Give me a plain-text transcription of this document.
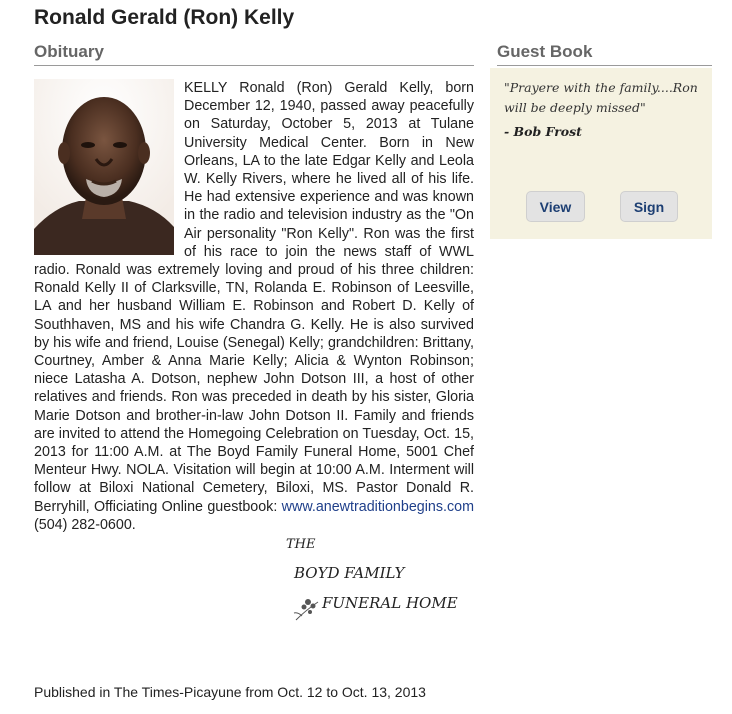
Ronald Gerald (Ron) Kelly
Obituary	Guest Book
KELLY Ronald (Ron) Gerald Kelly, born December 12, 1940, passed away peacefully on Saturday, October 5, 2013 at Tulane University Medical Center. Born in New Orleans, LA to the late Edgar Kelly and Leola W. Kelly Rivers, where he lived all of his life. He had extensive experience and was known in the radio and television industry as the "On Air personality "Ron Kelly". Ron was the first of his race to join the news staff of WWL radio. Ronald was extremely loving and proud of his three children: Ronald Kelly II of Clarksville, TN, Rolanda E. Robinson of Leesville, LA and her husband William E. Robinson and Robert D. Kelly of Southhaven, MS and his wife Chandra G. Kelly. He is also survived by his wife and friend, Louise (Senegal) Kelly; grandchildren: Brittany, Courtney, Amber & Anna Marie Kelly; Alicia & Wynton Robinson; niece Latasha A. Dotson, nephew John Dotson III, a host of other relatives and friends. Ron was preceded in death by his sister, Gloria Marie Dotson and brother-in-law John Dotson II. Family and friends are invited to attend the Homegoing Celebration on Tuesday, Oct. 15, 2013 for 11:00 A.M. at The Boyd Family Funeral Home, 5001 Chef Menteur Hwy. NOLA. Visitation will begin at 10:00 A.M. Interment will follow at Biloxi National Cemetery, Biloxi, MS. Pastor Donald R. Berryhill, Officiating Online guestbook: www.anewtraditionbegins.com (504) 282-0600.
"Prayere with the family....Ron will be deeply missed"
- Bob Frost
View	Sign
THE
BOYD FAMILY
FUNERAL HOME
Published in The Times-Picayune from Oct. 12 to Oct. 13, 2013
